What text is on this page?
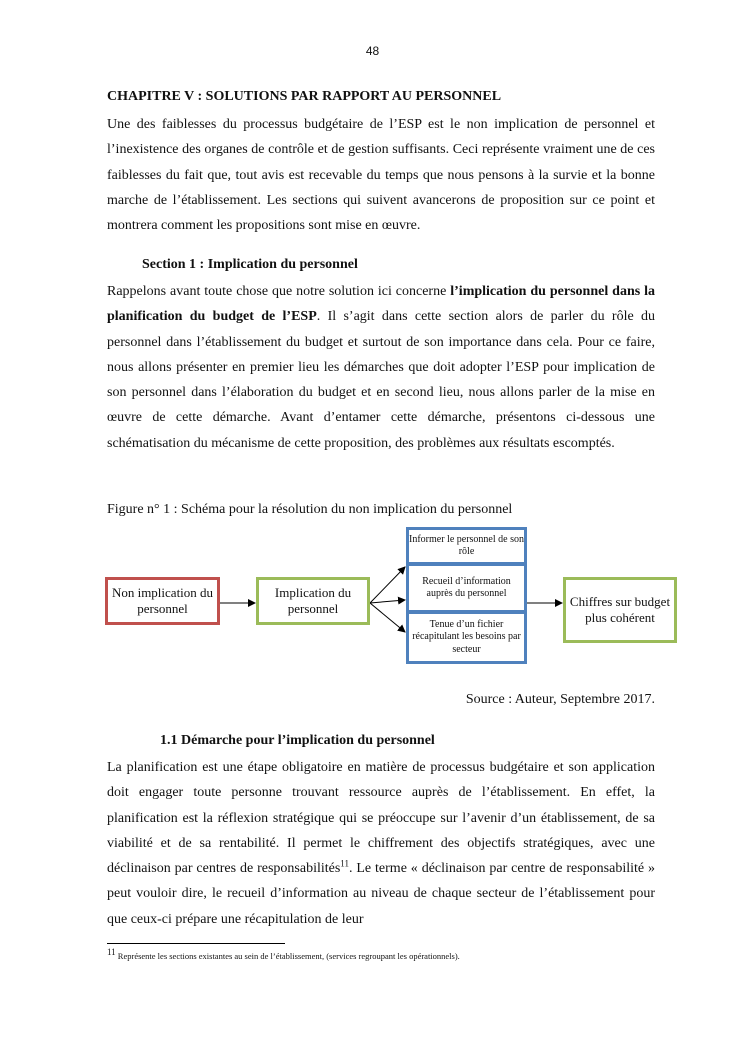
48

CHAPITRE V : SOLUTIONS PAR RAPPORT AU PERSONNEL

Une des faiblesses du processus budgétaire de l’ESP est le non implication de personnel et l’inexistence des organes de contrôle et de gestion suffisants. Ceci représente vraiment une de ces faiblesses du fait que, tout avis est recevable du temps que nous pensons à la survie et la bonne marche de l’établissement. Les sections qui suivent avancerons de proposition sur ce point et montrera comment les propositions sont mise en œuvre.

Section 1 : Implication du personnel

Rappelons avant toute chose que notre solution ici concerne l’implication du personnel dans la planification du budget de l’ESP. Il s’agit dans cette section alors de parler du rôle du personnel dans l’établissement du budget et surtout de son importance dans cela. Pour ce faire, nous allons présenter en premier lieu les démarches que doit adopter l’ESP pour implication de son personnel dans l’élaboration du budget et en second lieu, nous allons parler de la mise en œuvre de cette démarche. Avant d’entamer cette démarche, présentons ci-dessous une schématisation du mécanisme de cette proposition, des problèmes aux résultats escomptés.

Figure n° 1 : Schéma pour la résolution du non implication du personnel
Non implication du personnel
Implication du personnel
Informer le personnel de son rôle
Recueil d’information auprès du personnel
Tenue d’un fichier récapitulant les besoins par secteur
Chiffres sur budget plus cohérent
Source : Auteur, Septembre 2017.

1.1 Démarche pour l’implication du personnel

La planification est une étape obligatoire en matière de processus budgétaire et son application doit engager toute personne trouvant ressource auprès de l’établissement. En effet, la planification est la réflexion stratégique qui se préoccupe sur l’avenir d’un établissement, de sa viabilité et de sa rentabilité. Il permet le chiffrement des objectifs stratégiques, avec une déclinaison par centres de responsabilités$^{11}$. Le terme « déclinaison par centre de responsabilité » peut vouloir dire, le recueil d’information au niveau de chaque secteur de l’établissement pour que ceux-ci prépare une récapitulation de leur

$^{11}$ Représente les sections existantes au sein de l’établissement, (services regroupant les opérationnels).
